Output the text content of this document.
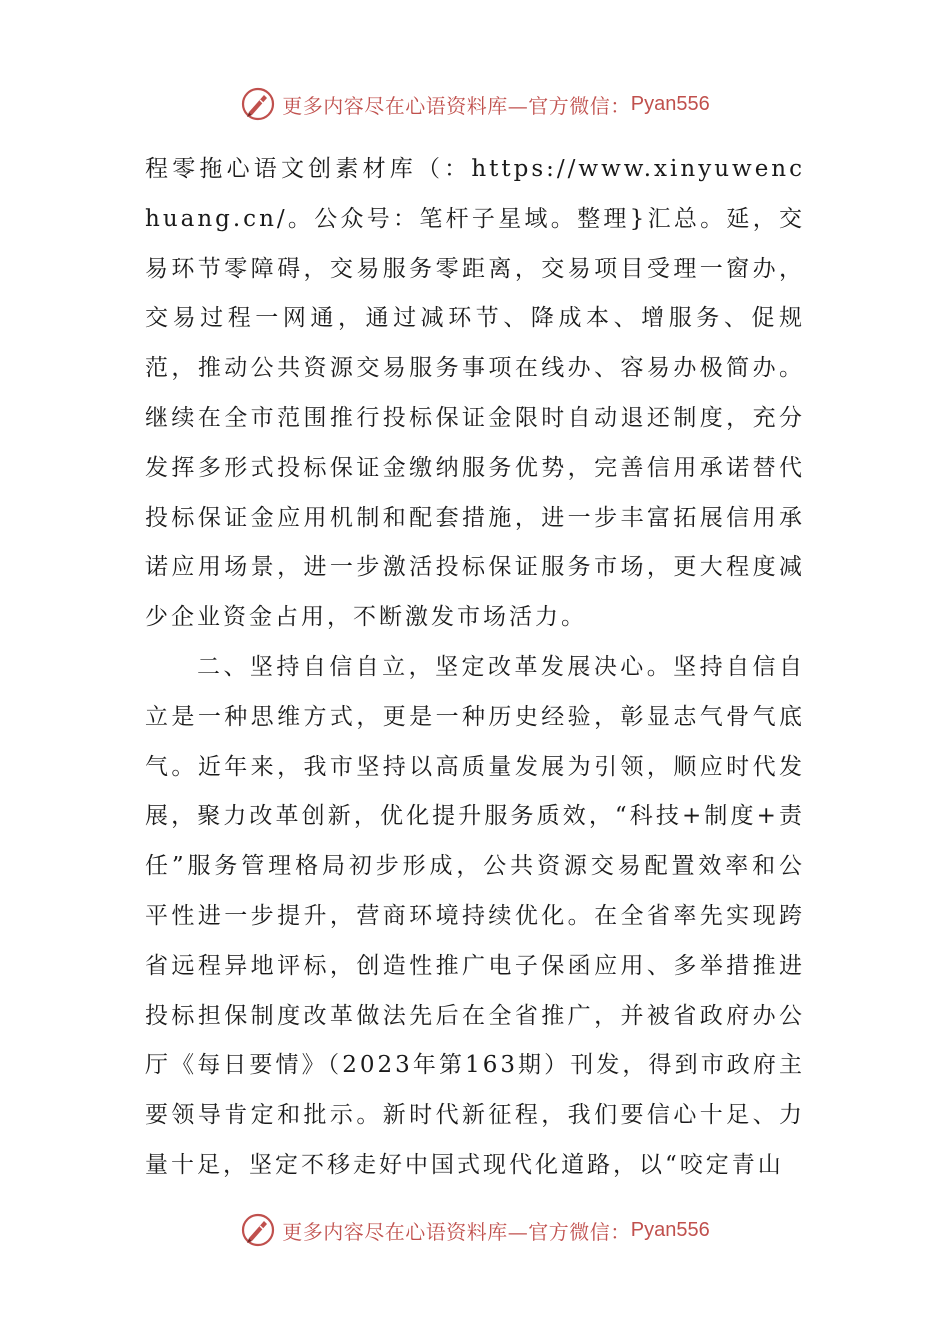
更多内容尽在心语资料库—官方微信： Pyan556

程零拖心语文创素材库（：https://www.xinyuwenchuang.cn/。公众号：笔杆子星域。整理}汇总。延，交易环节零障碍，交易服务零距离，交易项目受理一窗办，交易过程一网通，通过减环节、降成本、增服务、促规范，推动公共资源交易服务事项在线办、容易办极简办。继续在全市范围推行投标保证金限时自动退还制度，充分发挥多形式投标保证金缴纳服务优势，完善信用承诺替代投标保证金应用机制和配套措施，进一步丰富拓展信用承诺应用场景，进一步激活投标保证服务市场，更大程度减少企业资金占用，不断激发市场活力。

二、坚持自信自立，坚定改革发展决心。坚持自信自立是一种思维方式，更是一种历史经验，彰显志气骨气底气。近年来，我市坚持以高质量发展为引领，顺应时代发展，聚力改革创新，优化提升服务质效，“科技+制度+责任”服务管理格局初步形成，公共资源交易配置效率和公平性进一步提升，营商环境持续优化。在全省率先实现跨省远程异地评标，创造性推广电子保函应用、多举措推进投标担保制度改革做法先后在全省推广，并被省政府办公厅《每日要情》（2023年第163期）刊发，得到市政府主要领导肯定和批示。新时代新征程，我们要信心十足、力量十足，坚定不移走好中国式现代化道路，以“咬定青山

更多内容尽在心语资料库—官方微信： Pyan556
